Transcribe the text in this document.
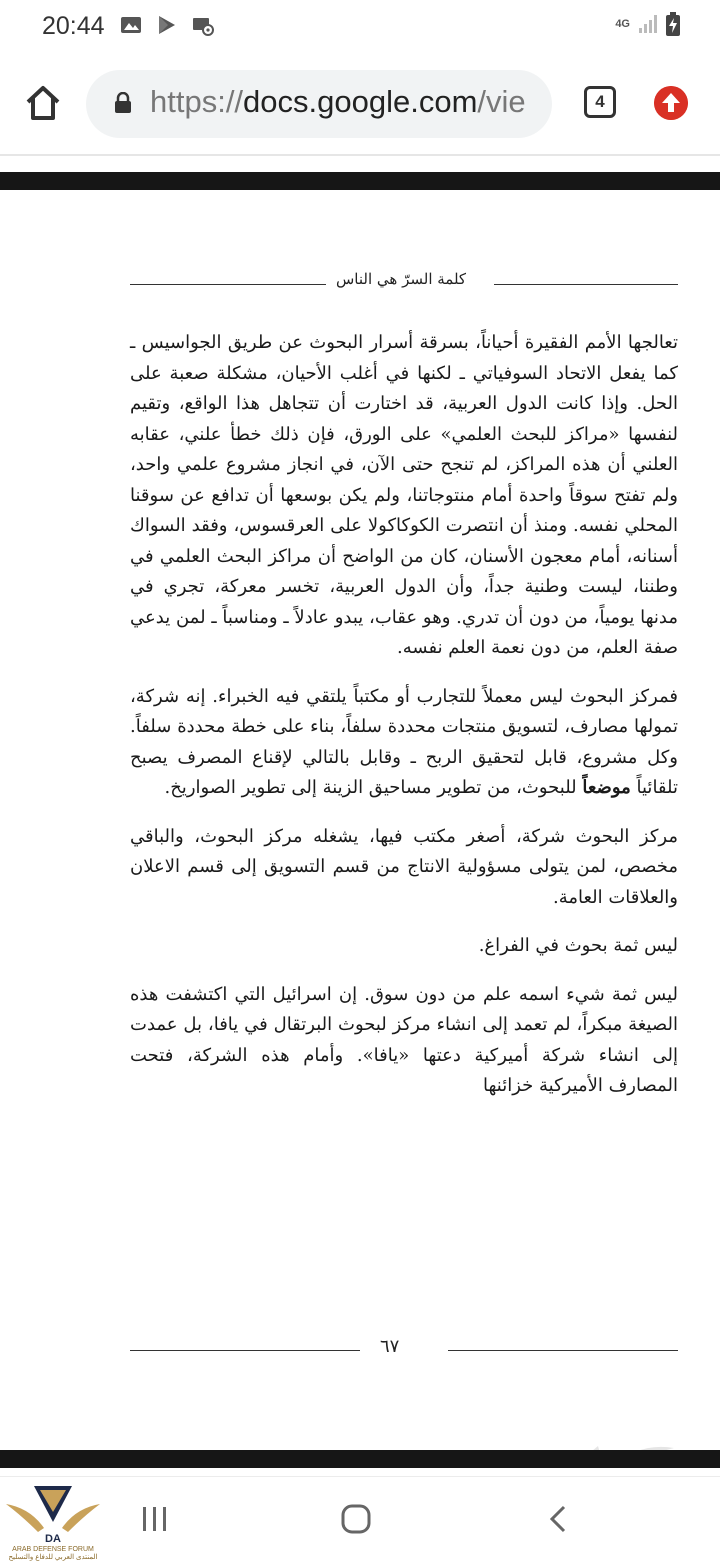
20:44	4G
https://docs.google.com/vie	4
كلمة السرّ هي الناس

تعالجها الأمم الفقيرة أحياناً، بسرقة أسرار البحوث عن طريق الجواسيس ـ كما يفعل الاتحاد السوفياتي ـ لكنها في أغلب الأحيان، مشكلة صعبة على الحل. وإذا كانت الدول العربية، قد اختارت أن تتجاهل هذا الواقع، وتقيم لنفسها «مراكز للبحث العلمي» على الورق، فإن ذلك خطأ علني، عقابه العلني أن هذه المراكز، لم تنجح حتى الآن، في انجاز مشروع علمي واحد، ولم تفتح سوقاً واحدة أمام منتوجاتنا، ولم يكن بوسعها أن تدافع عن سوقنا المحلي نفسه. ومنذ أن انتصرت الكوكاكولا على العرقسوس، وفقد السواك أسنانه، أمام معجون الأسنان، كان من الواضح أن مراكز البحث العلمي في وطننا، ليست وطنية جداً، وأن الدول العربية، تخسر معركة، تجري في مدنها يومياً، من دون أن تدري. وهو عقاب، يبدو عادلاً ـ ومناسباً ـ لمن يدعي صفة العلم، من دون نعمة العلم نفسه.

فمركز البحوث ليس معملاً للتجارب أو مكتباً يلتقي فيه الخبراء. إنه شركة، تمولها مصارف، لتسويق منتجات محددة سلفاً، بناء على خطة محددة سلفاً. وكل مشروع، قابل لتحقيق الربح ـ وقابل بالتالي لإقناع المصرف يصبح تلقائياً موضعاً للبحوث، من تطوير مساحيق الزينة إلى تطوير الصواريخ.

مركز البحوث شركة، أصغر مكتب فيها، يشغله مركز البحوث، والباقي مخصص، لمن يتولى مسؤولية الانتاج من قسم التسويق إلى قسم الاعلان والعلاقات العامة.

ليس ثمة بحوث في الفراغ.

ليس ثمة شيء اسمه علم من دون سوق. إن اسرائيل التي اكتشفت هذه الصيغة مبكراً، لم تعمد إلى انشاء مركز لبحوث البرتقال في يافا، بل عمدت إلى انشاء شركة أميركية دعتها «يافا». وأمام هذه الشركة، فتحت المصارف الأميركية خزائنها

٦٧
DA
ARAB DEFENSE FORUM
المنتدى العربي للدفاع والتسليح
